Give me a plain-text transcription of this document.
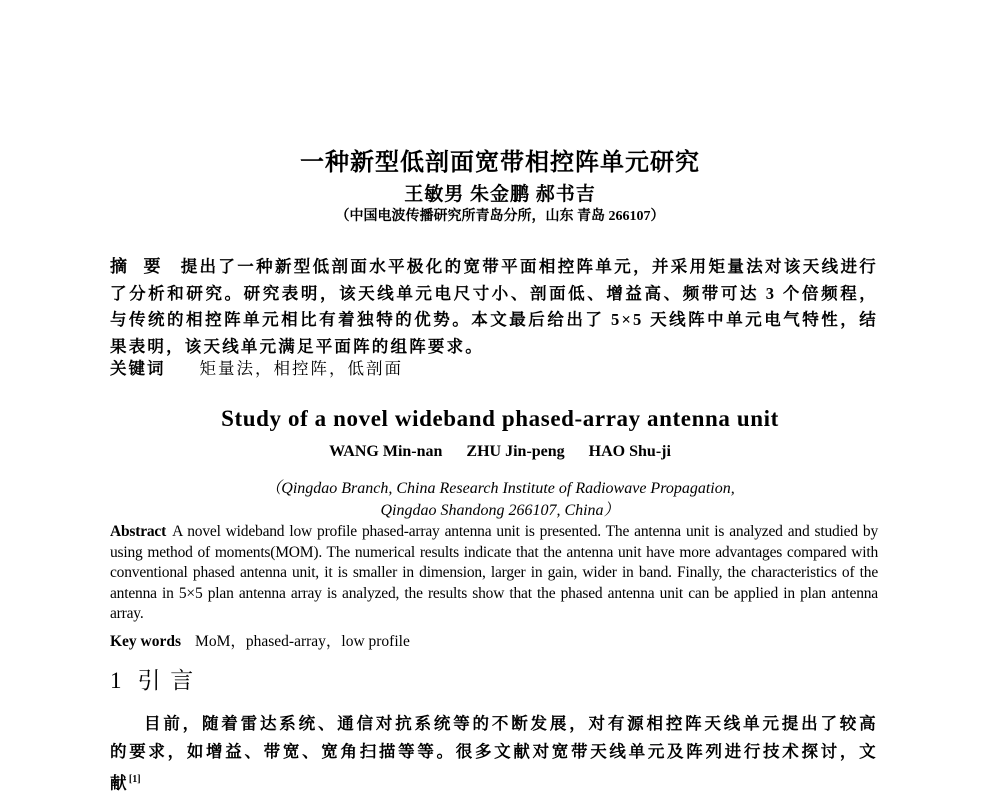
一种新型低剖面宽带相控阵单元研究
王敏男 朱金鹏 郝书吉
（中国电波传播研究所青岛分所，山东 青岛 266107）
摘 要 提出了一种新型低剖面水平极化的宽带平面相控阵单元，并采用矩量法对该天线进行了分析和研究。研究表明，该天线单元电尺寸小、剖面低、增益高、频带可达 3 个倍频程，与传统的相控阵单元相比有着独特的优势。本文最后给出了 5×5 天线阵中单元电气特性，结果表明，该天线单元满足平面阵的组阵要求。
关键词 矩量法，相控阵，低剖面
Study of a novel wideband phased-array antenna unit
WANG Min-nan ZHU Jin-peng HAO Shu-ji
（Qingdao Branch, China Research Institute of Radiowave Propagation,
Qingdao Shandong 266107, China）
Abstract A novel wideband low profile phased-array antenna unit is presented. The antenna unit is analyzed and studied by using method of moments(MOM). The numerical results indicate that the antenna unit have more advantages compared with conventional phased antenna unit, it is smaller in dimension, larger in gain, wider in band. Finally, the characteristics of the antenna in 5×5 plan antenna array is analyzed, the results show that the phased antenna unit can be applied in plan antenna array.
Key words MoM，phased-array，low profile
1 引 言
目前，随着雷达系统、通信对抗系统等的不断发展，对有源相控阵天线单元提出了较高的要求，如增益、带宽、宽角扫描等等。很多文献对宽带天线单元及阵列进行技术探讨，文献[1]
